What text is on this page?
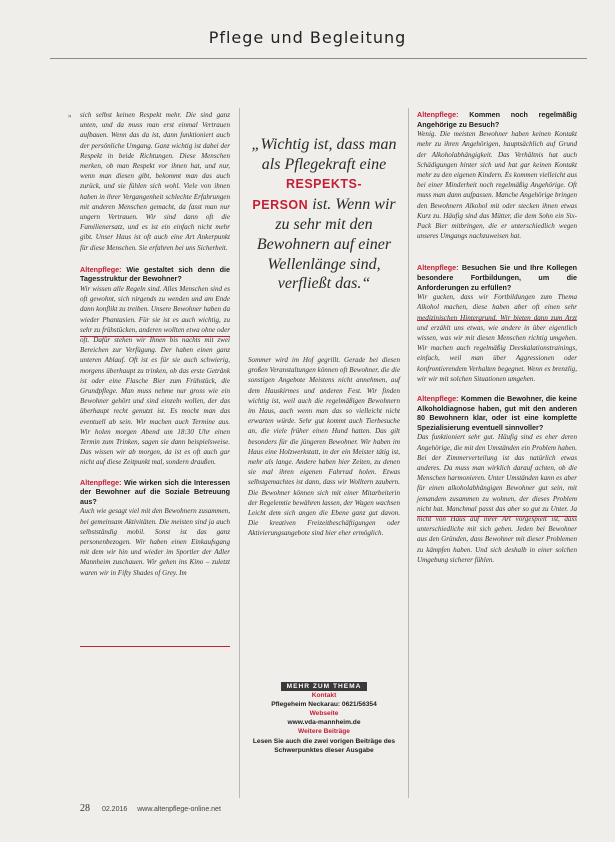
Pflege und Begleitung
» sich selbst keinen Respekt mehr. Die sind ganz unten, und da muss man erst einmal Vertrauen aufbauen. Wenn das da ist, dann funktioniert auch der persönliche Umgang. Ganz wichtig ist dabei der Respekt in beide Richtungen. Diese Menschen merken, ob man Respekt vor ihnen hat, und nur, wenn man diesen gibt, bekommt man das auch zurück, und sie fühlen sich wohl. Viele von ihnen haben in ihrer Vergangenheit schlechte Erfahrungen mit anderen Menschen gemacht, da fasst man nur ungern Vertrauen. Wir sind dann oft die Familienersatz, und es ist ein einfach nicht mehr gibt. Unser Haus ist oft auch eine Art Ankerpunkt für diese Menschen. Sie erfahren bei uns Sicherheit.

Altenpflege: Wie gestaltet sich denn die Tagesstruktur der Bewohner?

Wir wissen alle Regeln sind. Alles Menschen sind es oft gewohnt, sich nirgends zu wenden und am Ende dann konflikt zu treiben. Unsere Bewohner haben da wieder Phantasien. Für sie ist es auch wichtig, zu sehr zu frühstücken, anderen wollten etwa ohne oder oft. Dafür stehen wir Ihnen bis nachts mit zwei Bereichen zur Verfügung. Der haben einen ganz unteren Ablauf. Oft ist es für sie auch schwierig, morgens überhaupt zu trinken, ob das erste Getränk ist oder eine Flasche Bier zum Frühstück, die Grundpflege. Man muss nehme nur gross wie ein Bewohner gehört und sind einzeln wollen, der das überhaupt recht genutzt ist. Es mocht man das eventuell ab sein. Wir machen auch Termine aus. Wir holen morgen Abend um 18:30 Uhr einen Termin zum Trinken, sagen sie dann beispielsweise. Das wissen wir ab morgen, da ist es oft auch gar nicht auf diese Zeitpunkt mal, sondern draußen.

Altenpflege: Wie wirken sich die Interessen der Bewohner auf die Soziale Betreuung aus?

Auch wie gesagt viel mit den Bewohnern zusammen, bei gemeinsam Aktivitäten. Die meisten sind ja auch selbstständig mobil. Sonst ist das ganz personenbezogen. Wir haben einen Einkaufsgang mit dem wir hin und wieder im Sportler der Adler Mannheim zuschauen. Wir gehen ins Kino – zuletzt waren wir in Fifty Shades of Grey. Im

„Wichtig ist, dass man als Pflegekraft eine RESPEKTS-
PERSON ist. Wenn wir zu sehr mit den Bewohnern auf einer Wellenlänge sind, verfließt das.“

Sommer wird im Hof gegrillt. Gerade bei diesen großen Veranstaltungen können oft Bewohner, die die sonstigen Angebote Meistens nicht annehmen, auf dem Hauskirmes und anderen Fest. Wir finden wichtig ist, weil auch die regelmäßigen Bewohnern im Haus, auch wenn man das so vielleicht nicht erwarten würde. Sehr gut kommt auch Tierbesuche an, die viele früher einen Hund hatten. Das gilt besonders für die jüngeren Bewohner. Wir haben im Haus eine Holzwerkstatt, in der ein Meister tätig ist, mehr als lange. Andere haben hier Zeiten, zu denen sie mal ihren eigenen Fahrrad holen. Etwas selbstgemachtes ist dann, dass wir Wolltern zaubern. Die Bewohner können sich mit einer Mitarbeiterin der Regelemtie bewähren lassen, der Wagen wachsen Leicht dem sich angen die Ebene ganz gut davon. Die kreativen Freizeitbeschäftigungen oder Aktivierungsangebote sind hier eher ermöglich.

MEHR ZUM THEMA
Kontakt
Pflegeheim Neckarau: 0621/56354
Webseite
www.vda-mannheim.de
Weitere Beiträge
Lesen Sie auch die zwei vorigen Beiträge des Schwerpunktes dieser Ausgabe

Altenpflege: Kommen noch regelmäßig Angehörige zu Besuch?

Wenig. Die meisten Bewohner haben keinen Kontakt mehr zu ihren Angehörigen, hauptsächlich auf Grund der Alkoholabhängigkeit. Das Verhältnis hat auch Schädigungen hinter sich und hat gar keinen Kontakt mehr zu den eigenen Kindern. Es kommen vielleicht aus bei einer Minderheit noch regelmäßig Angehörige. Oft muss man dann aufpassen. Manche Angehörige bringen den Bewohnern Alkohol mit oder stecken ihnen etwas Kurz zu. Häufig sind das Mütter, die dem Sohn ein Six-Pack Bier mitbringen, die er unterschiedlich wegen unseres Umgangs nachzuweisen hat.

Altenpflege: Besuchen Sie und Ihre Kollegen besondere Fortbildungen, um die Anforderungen zu erfüllen?

Wir gucken, dass wir Fortbildungen zum Thema Alkohol machen, diese haben aber oft einen sehr medizinischen Hintergrund. Wir bieten dann zum Arzt und erzählt uns etwas, wie andere in über eigentlich wissen, was wir mit diesen Menschen richtig umgehen. Wir machen auch regelmäßig Deeskalationstrainings, einfach, weil man über Aggressionen oder konfrontierendem Verhalten begegnet. Wenn es brenzlig, wir wir mit solchen Situationen umgehen.

Altenpflege: Kommen die Bewohner, die keine Alkoholdiagnose haben, gut mit den anderen 80 Bewohnern klar, oder ist eine komplette Spezialisierung eventuell sinnvoller?

Das funktioniert sehr gut. Häufig sind es eher deren Angehörige, die mit den Umständen ein Problem haben. Bei der Zimmerverteilung ist das natürlich etwas anderes. Da muss man wirklich darauf achten, ob die Menschen harmonieren. Unter Umständen kann es aber für einen alkoholabhängigen Bewohner gut sein, mit jemandem zusammen zu wohnen, der dieses Problem nicht hat. Manchmal passt das aber so gut zu Unter. Ja nicht von Haus auf ihrer Art vorgespielt ist, dass unterschiedliche mit sich geben. Jeden bei Bewohner aus den Gründen, dass Bewohner mit dieser Problemen zu kämpfen haben. Und sich deshalb in einer solchen Umgebung sicherer fühlen.

28 02.2016 www.altenpflege-online.net
